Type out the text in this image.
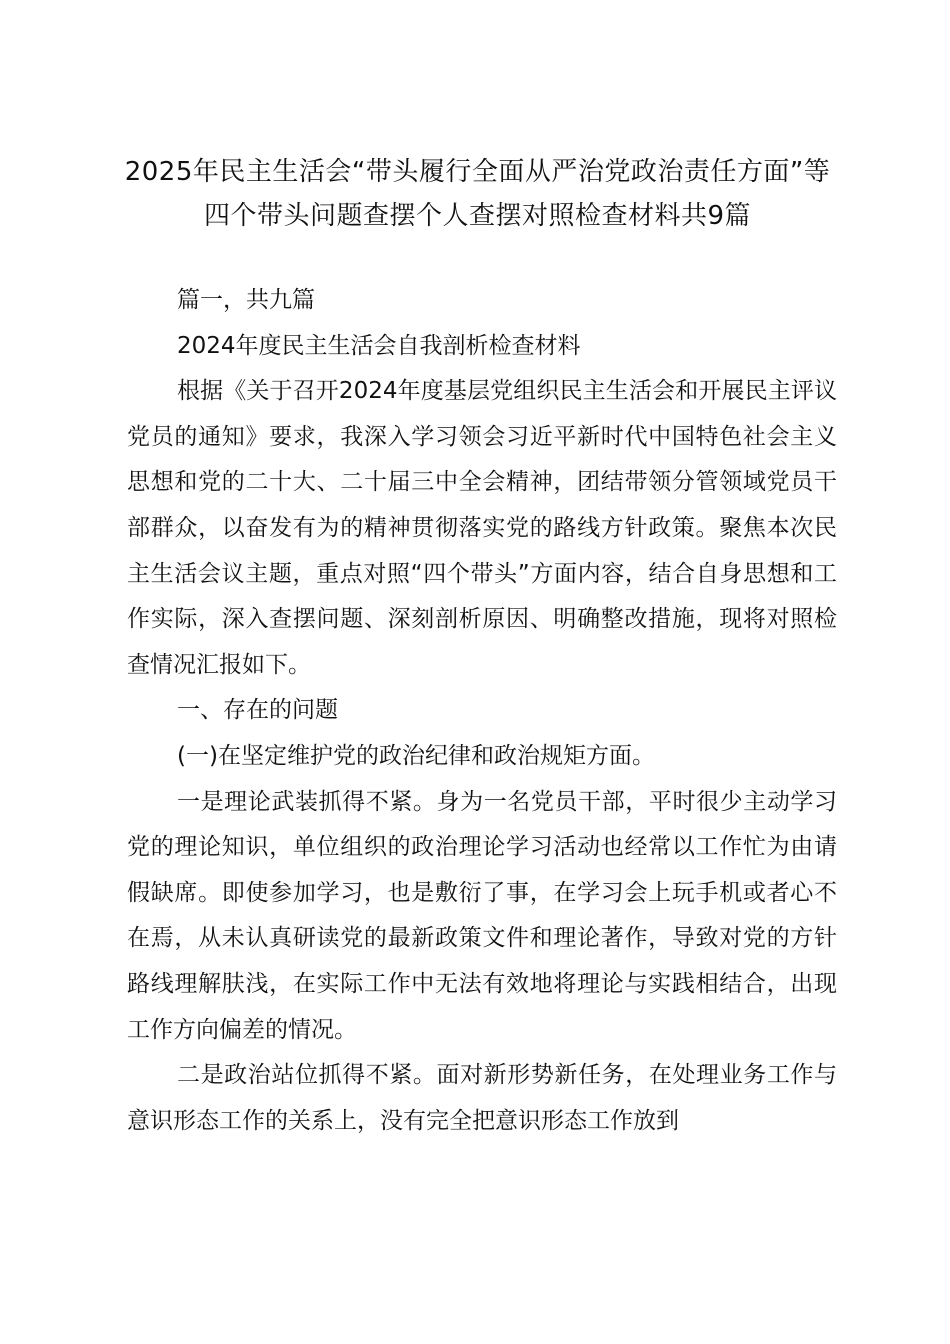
2025年民主生活会“带头履行全面从严治党政治责任方面”等四个带头问题查摆个人查摆对照检查材料共9篇

篇一，共九篇

2024年度民主生活会自我剖析检查材料

根据《关于召开2024年度基层党组织民主生活会和开展民主评议党员的通知》要求，我深入学习领会习近平新时代中国特色社会主义思想和党的二十大、二十届三中全会精神，团结带领分管领域党员干部群众，以奋发有为的精神贯彻落实党的路线方针政策。聚焦本次民主生活会议主题，重点对照“四个带头”方面内容，结合自身思想和工作实际，深入查摆问题、深刻剖析原因、明确整改措施，现将对照检查情况汇报如下。

一、存在的问题

(一)在坚定维护党的政治纪律和政治规矩方面。

一是理论武装抓得不紧。身为一名党员干部，平时很少主动学习党的理论知识，单位组织的政治理论学习活动也经常以工作忙为由请假缺席。即使参加学习，也是敷衍了事，在学习会上玩手机或者心不在焉，从未认真研读党的最新政策文件和理论著作，导致对党的方针路线理解肤浅，在实际工作中无法有效地将理论与实践相结合，出现工作方向偏差的情况。

二是政治站位抓得不紧。面对新形势新任务，在处理业务工作与意识形态工作的关系上，没有完全把意识形态工作放到
